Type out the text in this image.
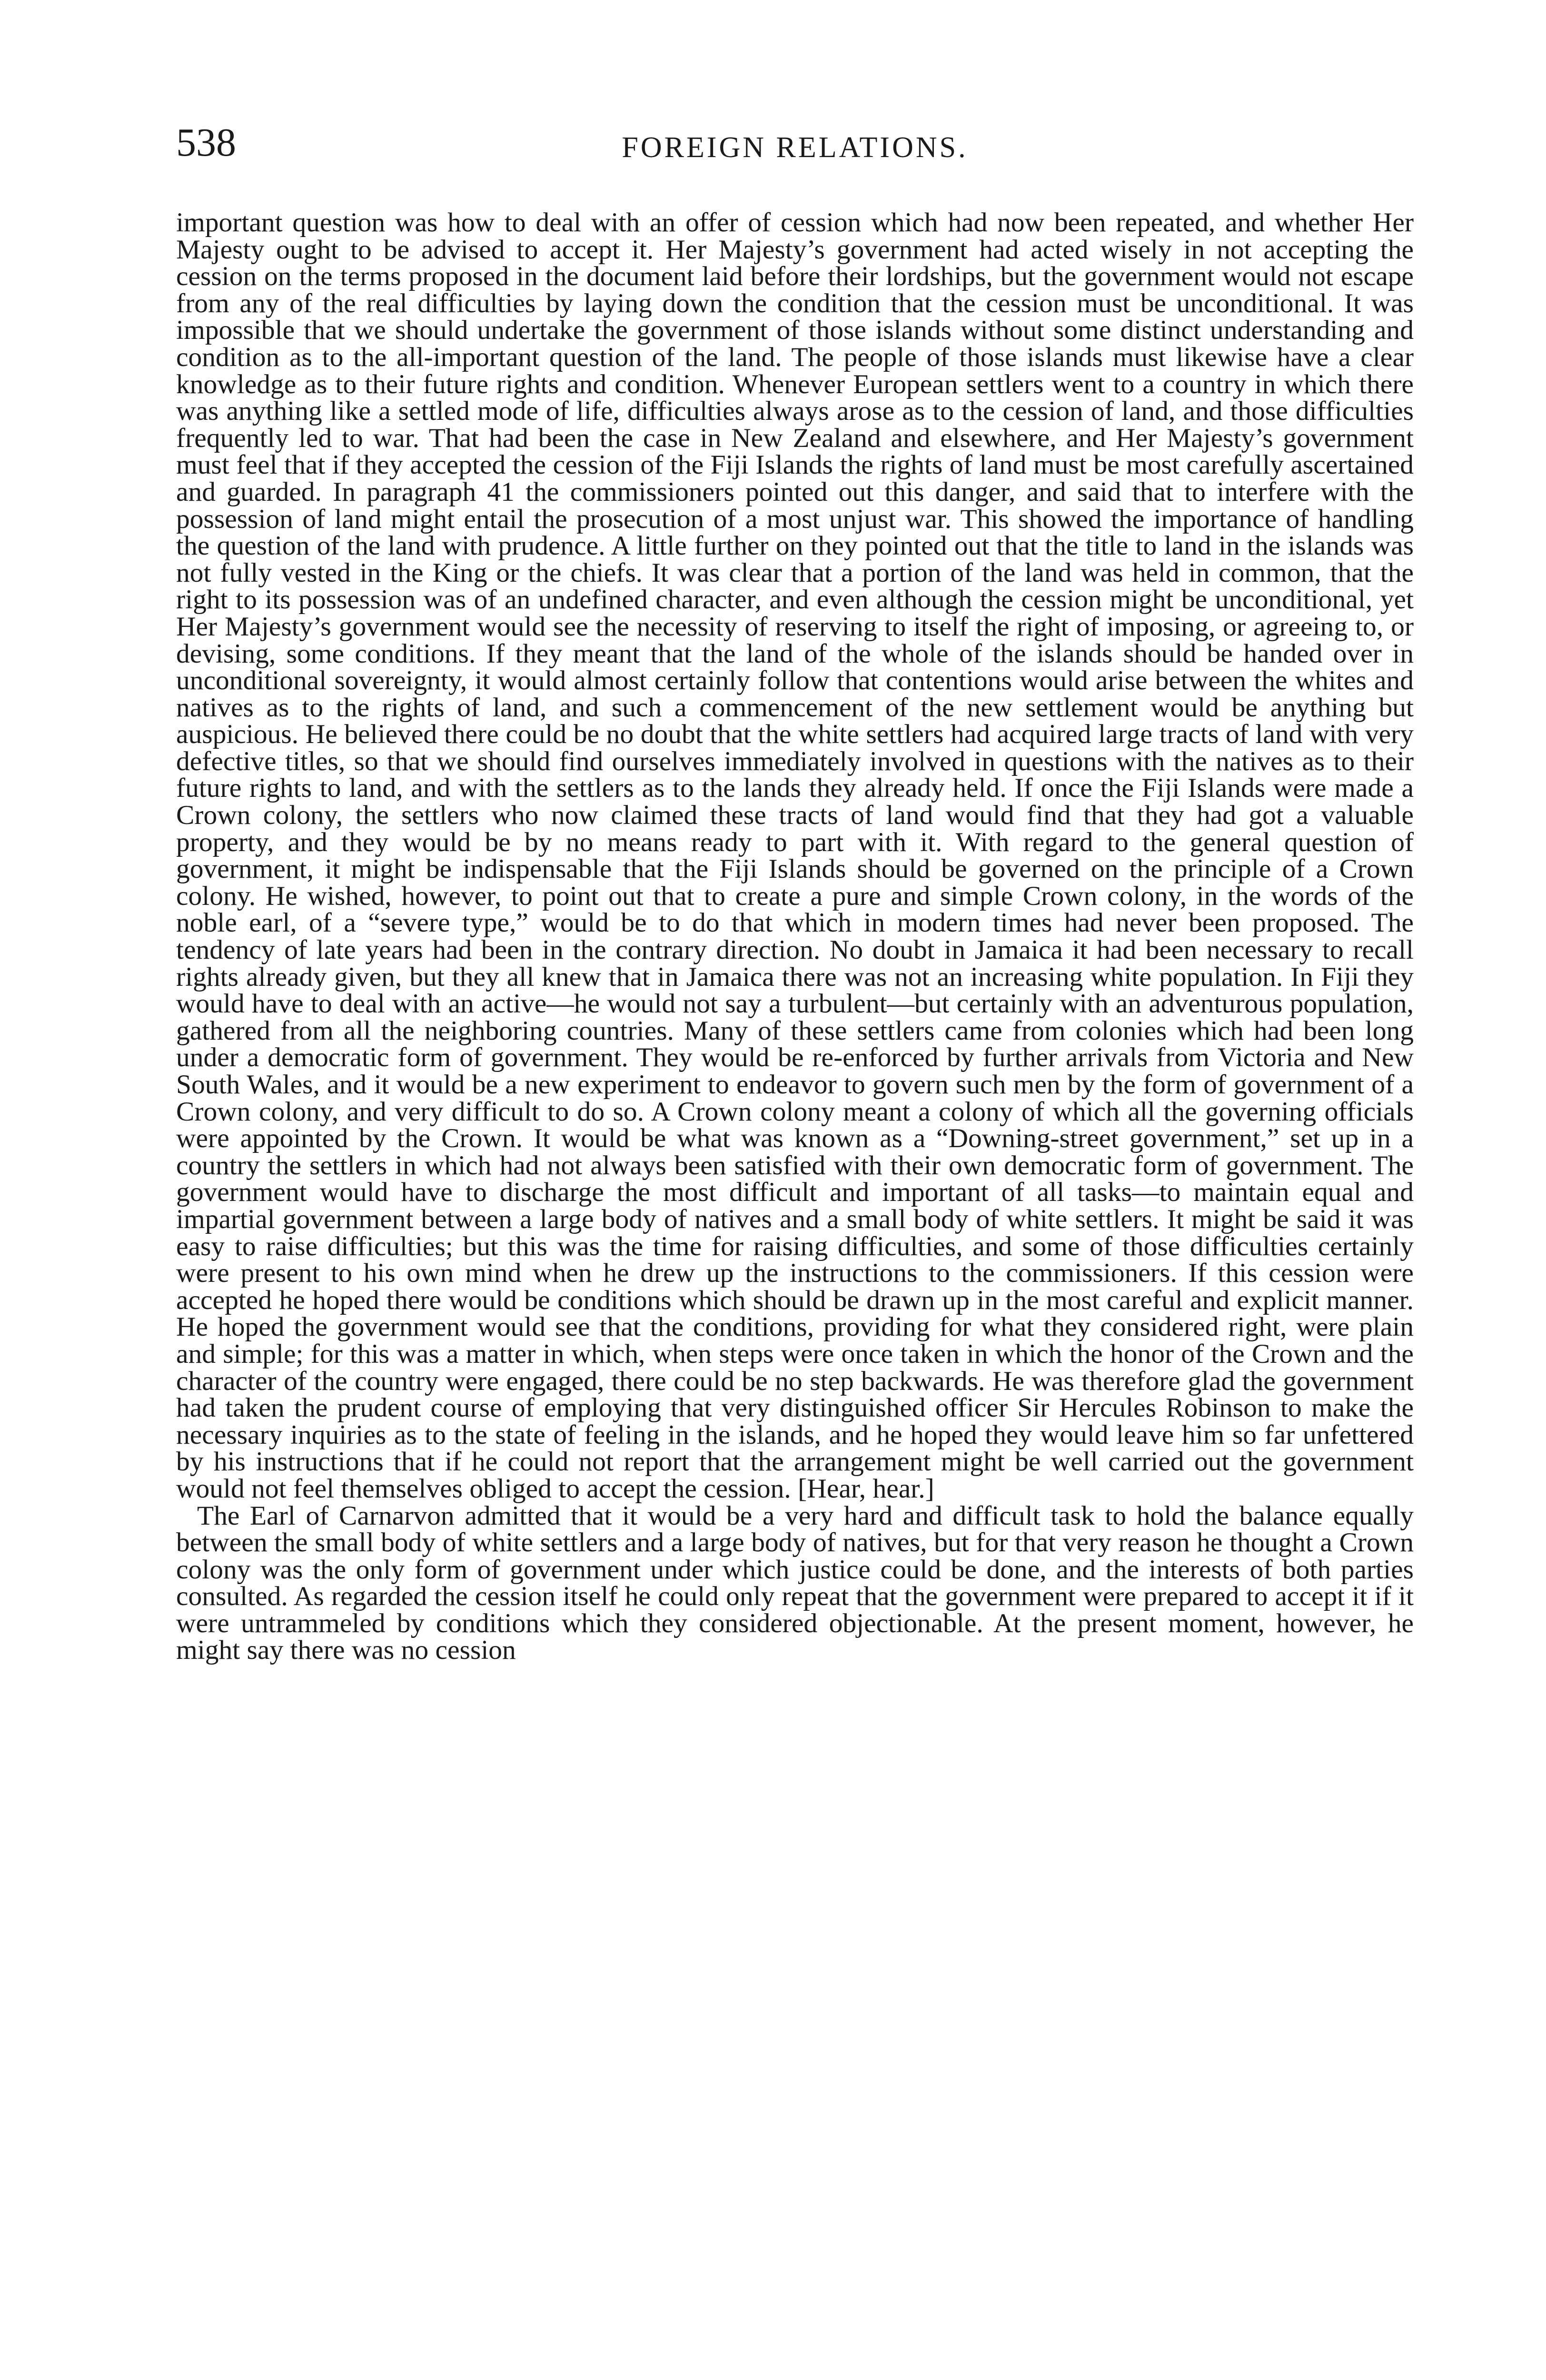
538	FOREIGN RELATIONS.

important question was how to deal with an offer of cession which had now been repeated, and whether Her Majesty ought to be advised to accept it. Her Majesty’s government had acted wisely in not accepting the cession on the terms proposed in the document laid before their lordships, but the government would not escape from any of the real difficulties by laying down the condition that the cession must be unconditional. It was impossible that we should undertake the government of those islands without some distinct understanding and condition as to the all-important question of the land. The people of those islands must likewise have a clear knowledge as to their future rights and condition. Whenever European settlers went to a country in which there was anything like a settled mode of life, difficulties always arose as to the cession of land, and those difficulties frequently led to war. That had been the case in New Zealand and elsewhere, and Her Majesty’s government must feel that if they accepted the cession of the Fiji Islands the rights of land must be most carefully ascertained and guarded. In paragraph 41 the commissioners pointed out this danger, and said that to interfere with the possession of land might entail the prosecution of a most unjust war. This showed the importance of handling the question of the land with prudence. A little further on they pointed out that the title to land in the islands was not fully vested in the King or the chiefs. It was clear that a portion of the land was held in common, that the right to its possession was of an undefined character, and even although the cession might be unconditional, yet Her Majesty’s government would see the necessity of reserving to itself the right of imposing, or agreeing to, or devising, some conditions. If they meant that the land of the whole of the islands should be handed over in unconditional sovereignty, it would almost certainly follow that contentions would arise between the whites and natives as to the rights of land, and such a commencement of the new settlement would be anything but auspicious. He believed there could be no doubt that the white settlers had acquired large tracts of land with very defective titles, so that we should find ourselves immediately involved in questions with the natives as to their future rights to land, and with the settlers as to the lands they already held. If once the Fiji Islands were made a Crown colony, the settlers who now claimed these tracts of land would find that they had got a valuable property, and they would be by no means ready to part with it. With regard to the general question of government, it might be indispensable that the Fiji Islands should be governed on the principle of a Crown colony. He wished, however, to point out that to create a pure and simple Crown colony, in the words of the noble earl, of a “severe type,” would be to do that which in modern times had never been proposed. The tendency of late years had been in the contrary direction. No doubt in Jamaica it had been necessary to recall rights already given, but they all knew that in Jamaica there was not an increasing white population. In Fiji they would have to deal with an active—he would not say a turbulent—but certainly with an adventurous population, gathered from all the neighboring countries. Many of these settlers came from colonies which had been long under a democratic form of government. They would be re-enforced by further arrivals from Victoria and New South Wales, and it would be a new experiment to endeavor to govern such men by the form of government of a Crown colony, and very difficult to do so. A Crown colony meant a colony of which all the governing officials were appointed by the Crown. It would be what was known as a “Downing-street government,” set up in a country the settlers in which had not always been satisfied with their own democratic form of government. The government would have to discharge the most difficult and important of all tasks—to maintain equal and impartial government between a large body of natives and a small body of white settlers. It might be said it was easy to raise difficulties; but this was the time for raising difficulties, and some of those difficulties certainly were present to his own mind when he drew up the instructions to the commissioners. If this cession were accepted he hoped there would be conditions which should be drawn up in the most careful and explicit manner. He hoped the government would see that the conditions, providing for what they considered right, were plain and simple; for this was a matter in which, when steps were once taken in which the honor of the Crown and the character of the country were engaged, there could be no step backwards. He was therefore glad the government had taken the prudent course of employing that very distinguished officer Sir Hercules Robinson to make the necessary inquiries as to the state of feeling in the islands, and he hoped they would leave him so far unfettered by his instructions that if he could not report that the arrangement might be well carried out the government would not feel themselves obliged to accept the cession. [Hear, hear.]

The Earl of Carnarvon admitted that it would be a very hard and difficult task to hold the balance equally between the small body of white settlers and a large body of natives, but for that very reason he thought a Crown colony was the only form of government under which justice could be done, and the interests of both parties consulted. As regarded the cession itself he could only repeat that the government were prepared to accept it if it were untrammeled by conditions which they considered objectionable. At the present moment, however, he might say there was no cession
